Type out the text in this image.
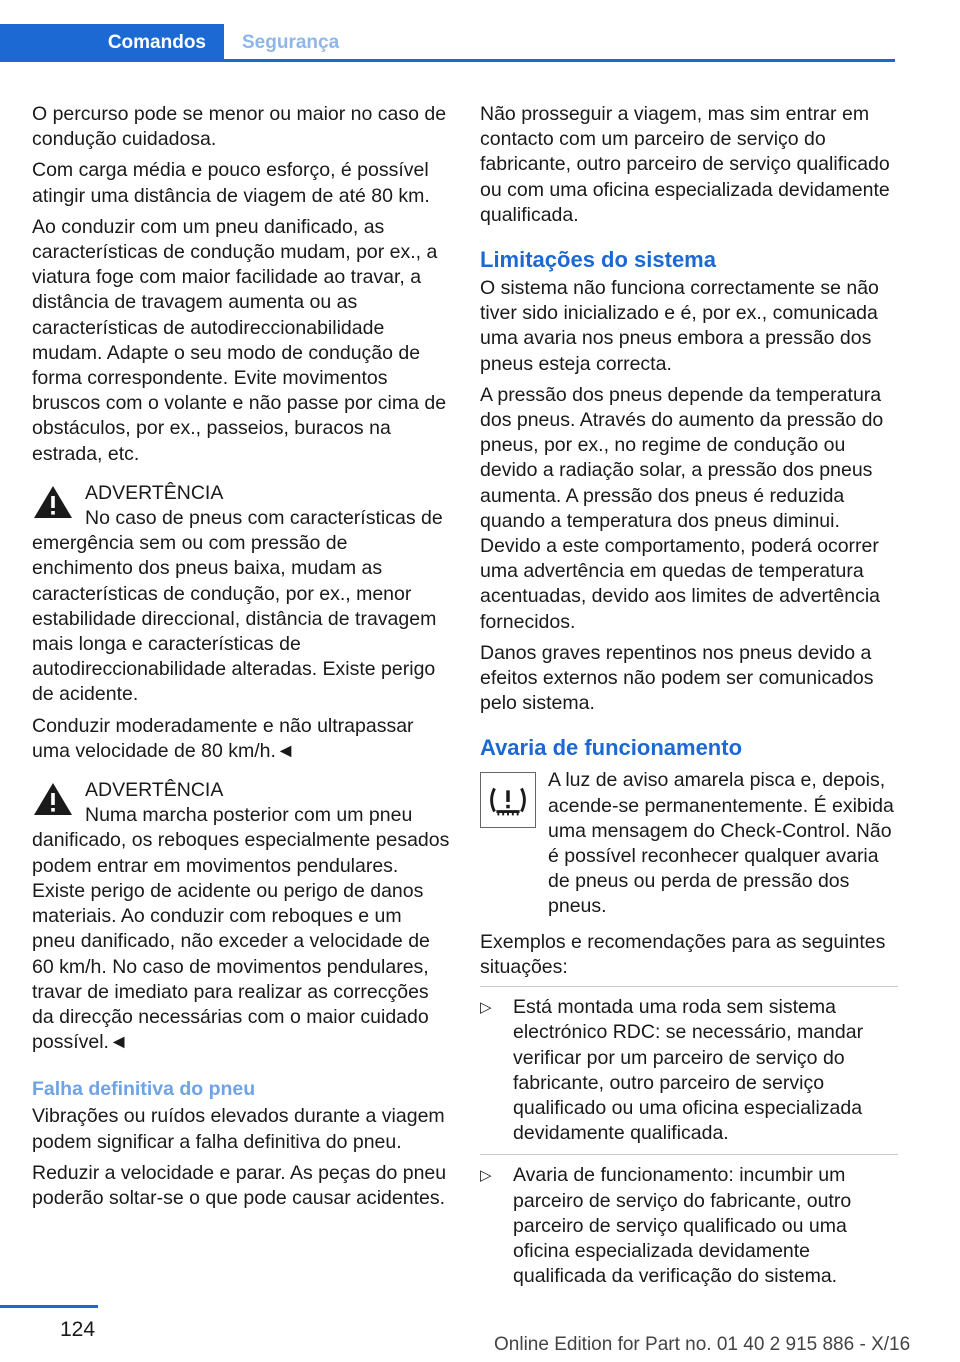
Comandos	Segurança

O percurso pode se menor ou maior no caso de condução cuidadosa.

Com carga média e pouco esforço, é possível atingir uma distância de viagem de até 80 km.

Ao conduzir com um pneu danificado, as características de condução mudam, por ex., a viatura foge com maior facilidade ao travar, a distância de travagem aumenta ou as características de autodireccionabilidade mudam. Adapte o seu modo de condução de forma correspondente. Evite movimentos bruscos com o volante e não passe por cima de obstáculos, por ex., passeios, buracos na estrada, etc.

ADVERTÊNCIA
No caso de pneus com características de

emergência sem ou com pressão de enchimento dos pneus baixa, mudam as características de condução, por ex., menor estabilidade direccional, distância de travagem mais longa e características de autodireccionabilidade alteradas. Existe perigo de acidente.

Conduzir moderadamente e não ultrapassar uma velocidade de 80 km/h.◄

ADVERTÊNCIA
Numa marcha posterior com um pneu

danificado, os reboques especialmente pesados podem entrar em movimentos pendulares. Existe perigo de acidente ou perigo de danos materiais. Ao conduzir com reboques e um pneu danificado, não exceder a velocidade de 60 km/h. No caso de movimentos pendulares, travar de imediato para realizar as correcções da direcção necessárias com o maior cuidado possível.◄

Falha definitiva do pneu

Vibrações ou ruídos elevados durante a viagem podem significar a falha definitiva do pneu.

Reduzir a velocidade e parar. As peças do pneu poderão soltar-se o que pode causar acidentes.

Não prosseguir a viagem, mas sim entrar em contacto com um parceiro de serviço do fabricante, outro parceiro de serviço qualificado ou com uma oficina especializada devidamente qualificada.

Limitações do sistema

O sistema não funciona correctamente se não tiver sido inicializado e é, por ex., comunicada uma avaria nos pneus embora a pressão dos pneus esteja correcta.

A pressão dos pneus depende da temperatura dos pneus. Através do aumento da pressão do pneus, por ex., no regime de condução ou devido a radiação solar, a pressão dos pneus aumenta. A pressão dos pneus é reduzida quando a temperatura dos pneus diminui. Devido a este comportamento, poderá ocorrer uma advertência em quedas de temperatura acentuadas, devido aos limites de advertência fornecidos.

Danos graves repentinos nos pneus devido a efeitos externos não podem ser comunicados pelo sistema.

Avaria de funcionamento

A luz de aviso amarela pisca e, depois, acende-se permanentemente. É exibida uma mensagem do Check-Control. Não é possível reconhecer qualquer avaria de pneus ou perda de pressão dos pneus.

Exemplos e recomendações para as seguintes situações:

▷ Está montada uma roda sem sistema electrónico RDC: se necessário, mandar verificar por um parceiro de serviço do fabricante, outro parceiro de serviço qualificado ou uma oficina especializada devidamente qualificada.
▷ Avaria de funcionamento: incumbir um parceiro de serviço do fabricante, outro parceiro de serviço qualificado ou uma oficina especializada devidamente qualificada da verificação do sistema.
124
Online Edition for Part no. 01 40 2 915 886 - X/16
